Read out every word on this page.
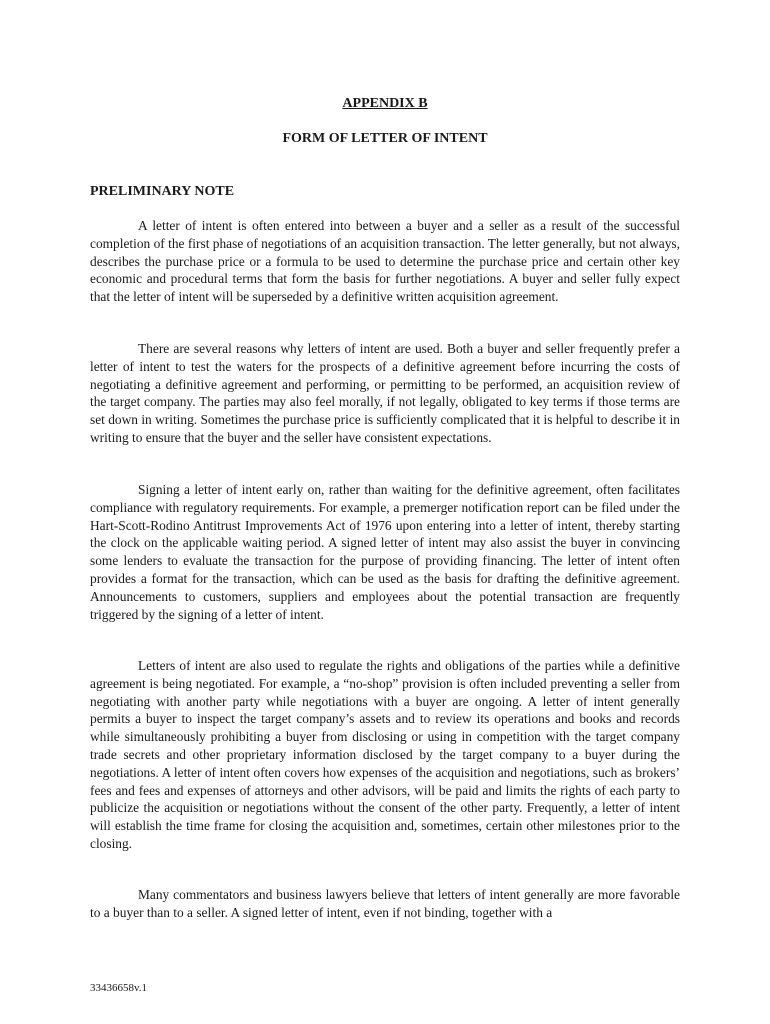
APPENDIX B
FORM OF LETTER OF INTENT
PRELIMINARY NOTE

A letter of intent is often entered into between a buyer and a seller as a result of the successful completion of the first phase of negotiations of an acquisition transaction. The letter generally, but not always, describes the purchase price or a formula to be used to determine the purchase price and certain other key economic and procedural terms that form the basis for further negotiations. A buyer and seller fully expect that the letter of intent will be superseded by a definitive written acquisition agreement.

There are several reasons why letters of intent are used. Both a buyer and seller frequently prefer a letter of intent to test the waters for the prospects of a definitive agreement before incurring the costs of negotiating a definitive agreement and performing, or permitting to be performed, an acquisition review of the target company. The parties may also feel morally, if not legally, obligated to key terms if those terms are set down in writing. Sometimes the purchase price is sufficiently complicated that it is helpful to describe it in writing to ensure that the buyer and the seller have consistent expectations.

Signing a letter of intent early on, rather than waiting for the definitive agreement, often facilitates compliance with regulatory requirements. For example, a premerger notification report can be filed under the Hart-Scott-Rodino Antitrust Improvements Act of 1976 upon entering into a letter of intent, thereby starting the clock on the applicable waiting period. A signed letter of intent may also assist the buyer in convincing some lenders to evaluate the transaction for the purpose of providing financing. The letter of intent often provides a format for the transaction, which can be used as the basis for drafting the definitive agreement. Announcements to customers, suppliers and employees about the potential transaction are frequently triggered by the signing of a letter of intent.

Letters of intent are also used to regulate the rights and obligations of the parties while a definitive agreement is being negotiated. For example, a “no-shop” provision is often included preventing a seller from negotiating with another party while negotiations with a buyer are ongoing. A letter of intent generally permits a buyer to inspect the target company’s assets and to review its operations and books and records while simultaneously prohibiting a buyer from disclosing or using in competition with the target company trade secrets and other proprietary information disclosed by the target company to a buyer during the negotiations. A letter of intent often covers how expenses of the acquisition and negotiations, such as brokers’ fees and fees and expenses of attorneys and other advisors, will be paid and limits the rights of each party to publicize the acquisition or negotiations without the consent of the other party. Frequently, a letter of intent will establish the time frame for closing the acquisition and, sometimes, certain other milestones prior to the closing.

Many commentators and business lawyers believe that letters of intent generally are more favorable to a buyer than to a seller. A signed letter of intent, even if not binding, together with a

33436658v.1
